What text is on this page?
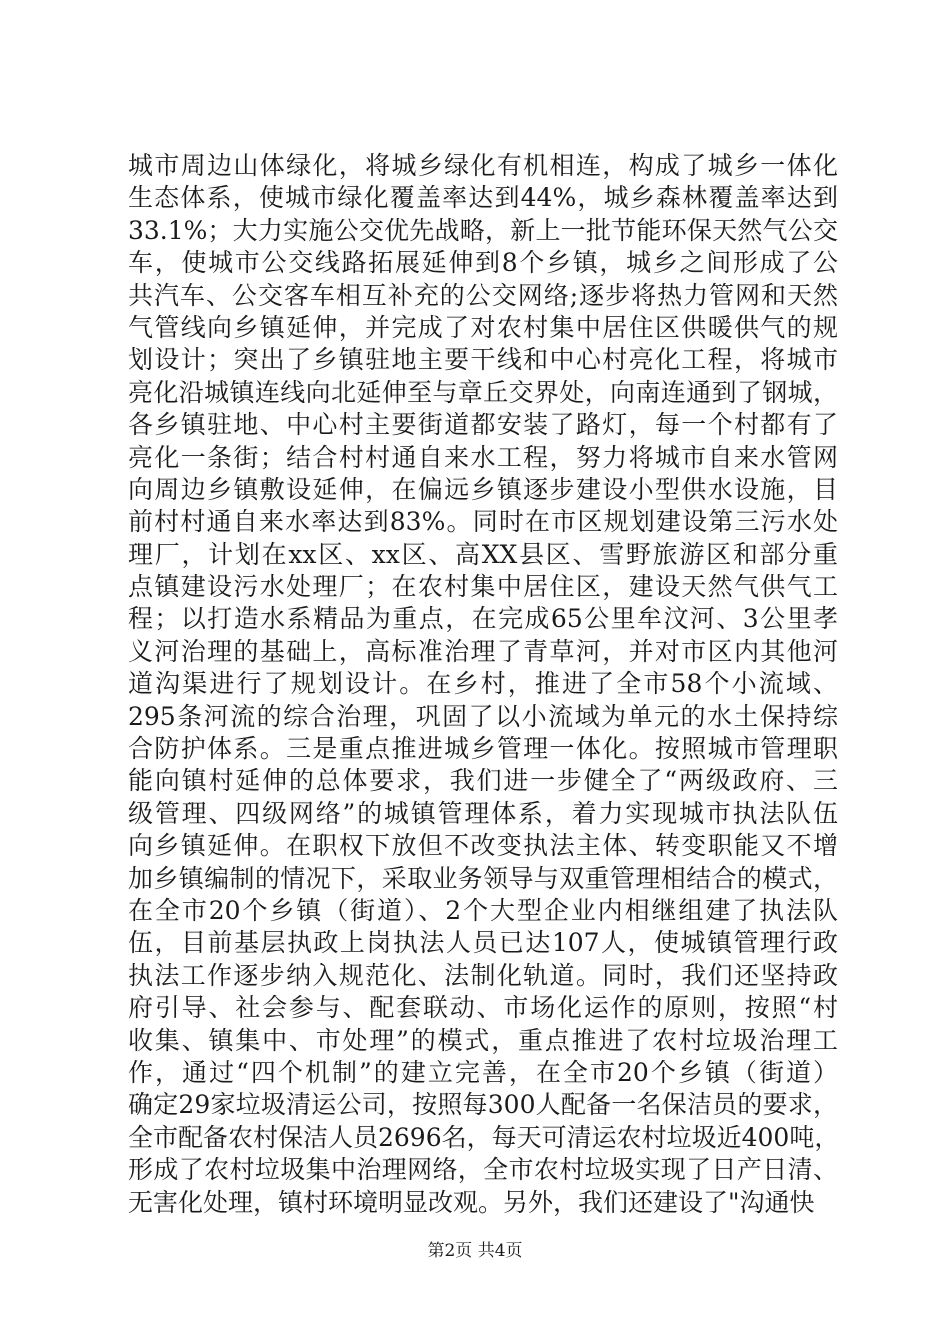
城市周边山体绿化，将城乡绿化有机相连，构成了城乡一体化
生态体系，使城市绿化覆盖率达到44%，城乡森林覆盖率达到
33.1%；大力实施公交优先战略，新上一批节能环保天然气公交
车，使城市公交线路拓展延伸到8个乡镇，城乡之间形成了公
共汽车、公交客车相互补充的公交网络;逐步将热力管网和天然
气管线向乡镇延伸，并完成了对农村集中居住区供暖供气的规
划设计；突出了乡镇驻地主要干线和中心村亮化工程，将城市
亮化沿城镇连线向北延伸至与章丘交界处，向南连通到了钢城，
各乡镇驻地、中心村主要街道都安装了路灯，每一个村都有了
亮化一条街；结合村村通自来水工程，努力将城市自来水管网
向周边乡镇敷设延伸，在偏远乡镇逐步建设小型供水设施，目
前村村通自来水率达到83%。同时在市区规划建设第三污水处
理厂，计划在xx区、xx区、高XX县区、雪野旅游区和部分重
点镇建设污水处理厂；在农村集中居住区，建设天然气供气工
程；以打造水系精品为重点，在完成65公里牟汶河、3公里孝
义河治理的基础上，高标准治理了青草河，并对市区内其他河
道沟渠进行了规划设计。在乡村，推进了全市58个小流域、
295条河流的综合治理，巩固了以小流域为单元的水土保持综
合防护体系。三是重点推进城乡管理一体化。按照城市管理职
能向镇村延伸的总体要求，我们进一步健全了“两级政府、三
级管理、四级网络”的城镇管理体系，着力实现城市执法队伍
向乡镇延伸。在职权下放但不改变执法主体、转变职能又不增
加乡镇编制的情况下，采取业务领导与双重管理相结合的模式，
在全市20个乡镇（街道）、2个大型企业内相继组建了执法队
伍，目前基层执政上岗执法人员已达107人，使城镇管理行政
执法工作逐步纳入规范化、法制化轨道。同时，我们还坚持政
府引导、社会参与、配套联动、市场化运作的原则，按照“村
收集、镇集中、市处理”的模式，重点推进了农村垃圾治理工
作，通过“四个机制”的建立完善，在全市20个乡镇（街道）
确定29家垃圾清运公司，按照每300人配备一名保洁员的要求，
全市配备农村保洁人员2696名，每天可清运农村垃圾近400吨，
形成了农村垃圾集中治理网络，全市农村垃圾实现了日产日清、
无害化处理，镇村环境明显改观。另外，我们还建设了"沟通快
第2页 共4页
